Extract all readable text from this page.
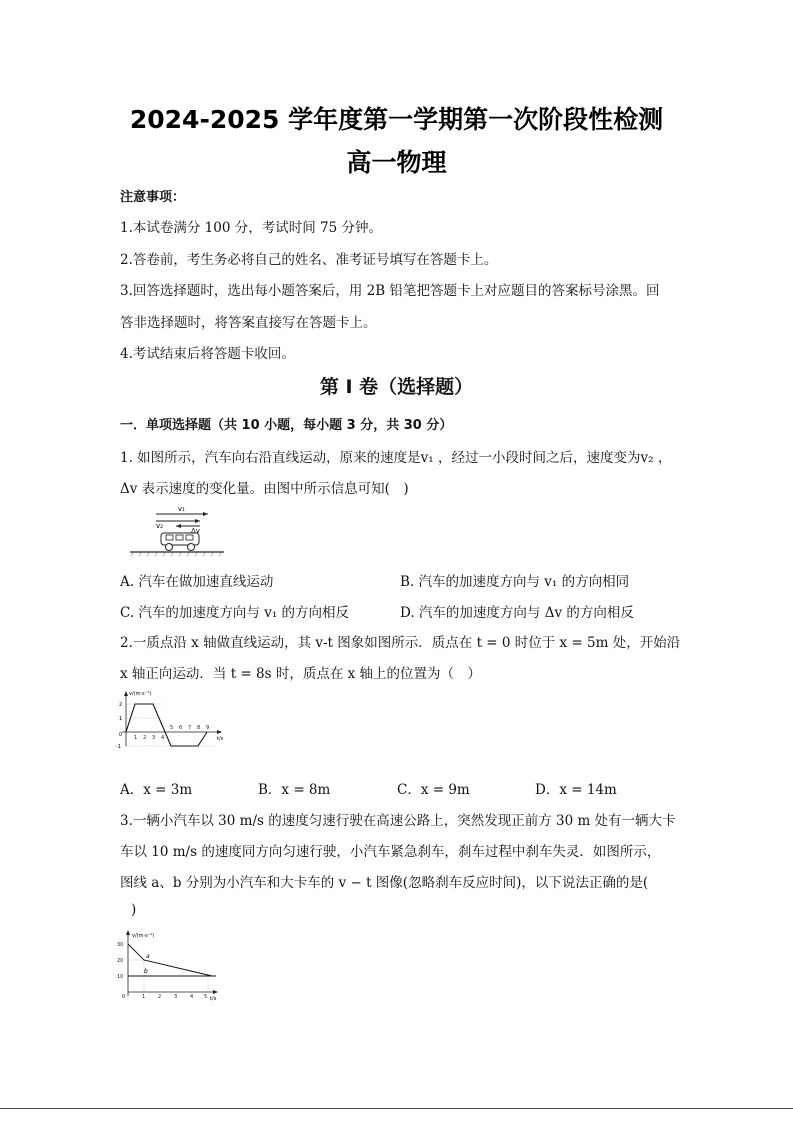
2024-2025 学年度第一学期第一次阶段性检测
高一物理
注意事项：
1.本试卷满分 100 分，考试时间 75 分钟。
2.答卷前，考生务必将自己的姓名、准考证号填写在答题卡上。
3.回答选择题时，选出每小题答案后，用 2B 铅笔把答题卡上对应题目的答案标号涂黑。回
答非选择题时，将答案直接写在答题卡上。
4.考试结束后将答题卡收回。
第 I 卷（选择题）
一．单项选择题（共 10 小题，每小题 3 分，共 30 分）
1. 如图所示，汽车向右沿直线运动，原来的速度是v₁ ，经过一小段时间之后，速度变为v₂ ，
Δv 表示速度的变化量。由图中所示信息可知(　)
v₁
v₂
Δv
A. 汽车在做加速直线运动	B. 汽车的加速度方向与 v₁ 的方向相同
C. 汽车的加速度方向与 v₁ 的方向相反	D. 汽车的加速度方向与 Δv 的方向相反
2.一质点沿 x 轴做直线运动，其 v-t 图象如图所示．质点在 t = 0 时位于 x = 5m 处，开始沿
x 轴正向运动．当 t = 8s 时，质点在 x 轴上的位置为（　）
v/(m·s⁻¹)
t/s
2
1
0
-1
1 2 3 4
5 6 7 8 9
A．x = 3m	B．x = 8m	C．x = 9m	D．x = 14m
3.一辆小汽车以 30 m/s 的速度匀速行驶在高速公路上，突然发现正前方 30 m 处有一辆大卡
车以 10 m/s 的速度同方向匀速行驶，小汽车紧急刹车，刹车过程中刹车失灵．如图所示，
图线 a、b 分别为小汽车和大卡车的 v − t 图像(忽略刹车反应时间)，以下说法正确的是(
)
v/(m·s⁻¹)
t/s
30
20
10
0	1	2	3	4 5
a
b
